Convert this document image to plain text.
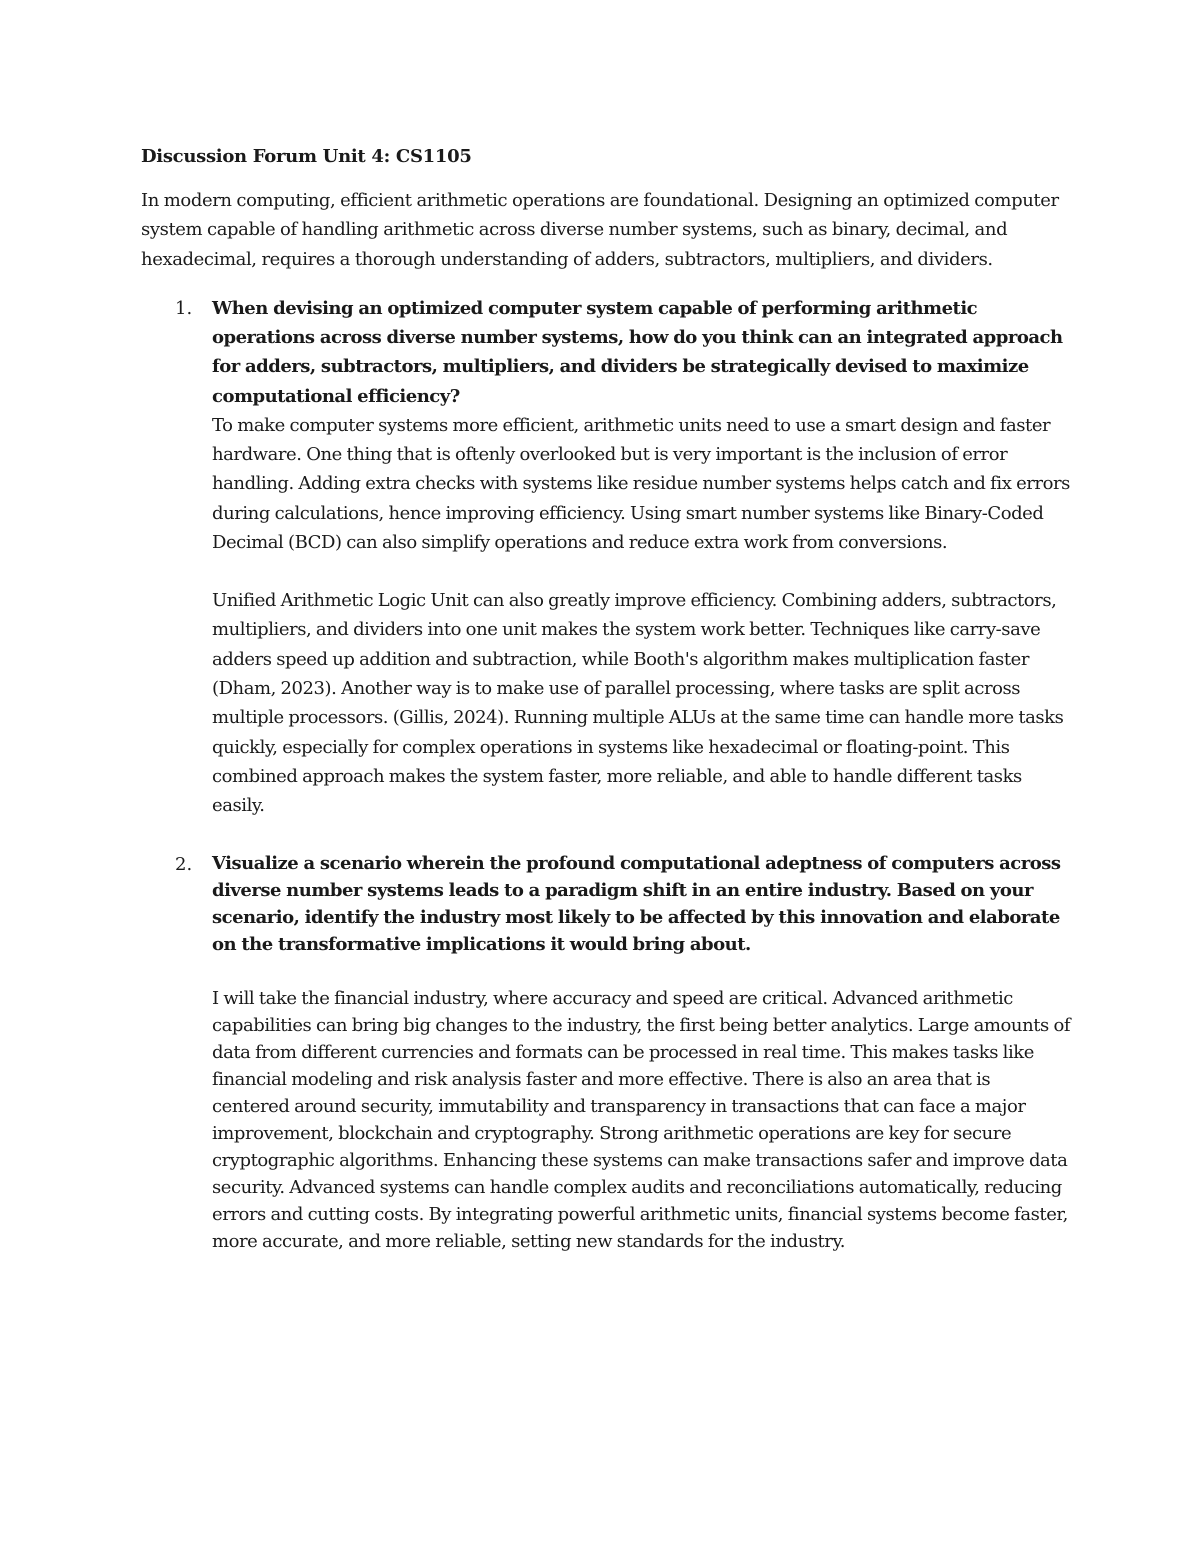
Discussion Forum Unit 4: CS1105

In modern computing, efficient arithmetic operations are foundational. Designing an optimized computer system capable of handling arithmetic across diverse number systems, such as binary, decimal, and hexadecimal, requires a thorough understanding of adders, subtractors, multipliers, and dividers.

1. When devising an optimized computer system capable of performing arithmetic operations across diverse number systems, how do you think can an integrated approach for adders, subtractors, multipliers, and dividers be strategically devised to maximize computational efficiency?

To make computer systems more efficient, arithmetic units need to use a smart design and faster hardware. One thing that is oftenly overlooked but is very important is the inclusion of error handling. Adding extra checks with systems like residue number systems helps catch and fix errors during calculations, hence improving efficiency. Using smart number systems like Binary-Coded Decimal (BCD) can also simplify operations and reduce extra work from conversions.

Unified Arithmetic Logic Unit can also greatly improve efficiency. Combining adders, subtractors, multipliers, and dividers into one unit makes the system work better. Techniques like carry-save adders speed up addition and subtraction, while Booth's algorithm makes multiplication faster (Dham, 2023). Another way is to make use of parallel processing, where tasks are split across multiple processors. (Gillis, 2024). Running multiple ALUs at the same time can handle more tasks quickly, especially for complex operations in systems like hexadecimal or floating-point. This combined approach makes the system faster, more reliable, and able to handle different tasks easily.

2. Visualize a scenario wherein the profound computational adeptness of computers across diverse number systems leads to a paradigm shift in an entire industry. Based on your scenario, identify the industry most likely to be affected by this innovation and elaborate on the transformative implications it would bring about.

I will take the financial industry, where accuracy and speed are critical. Advanced arithmetic capabilities can bring big changes to the industry, the first being better analytics. Large amounts of data from different currencies and formats can be processed in real time. This makes tasks like financial modeling and risk analysis faster and more effective. There is also an area that is centered around security, immutability and transparency in transactions that can face a major improvement, blockchain and cryptography. Strong arithmetic operations are key for secure cryptographic algorithms. Enhancing these systems can make transactions safer and improve data security. Advanced systems can handle complex audits and reconciliations automatically, reducing errors and cutting costs. By integrating powerful arithmetic units, financial systems become faster, more accurate, and more reliable, setting new standards for the industry.
